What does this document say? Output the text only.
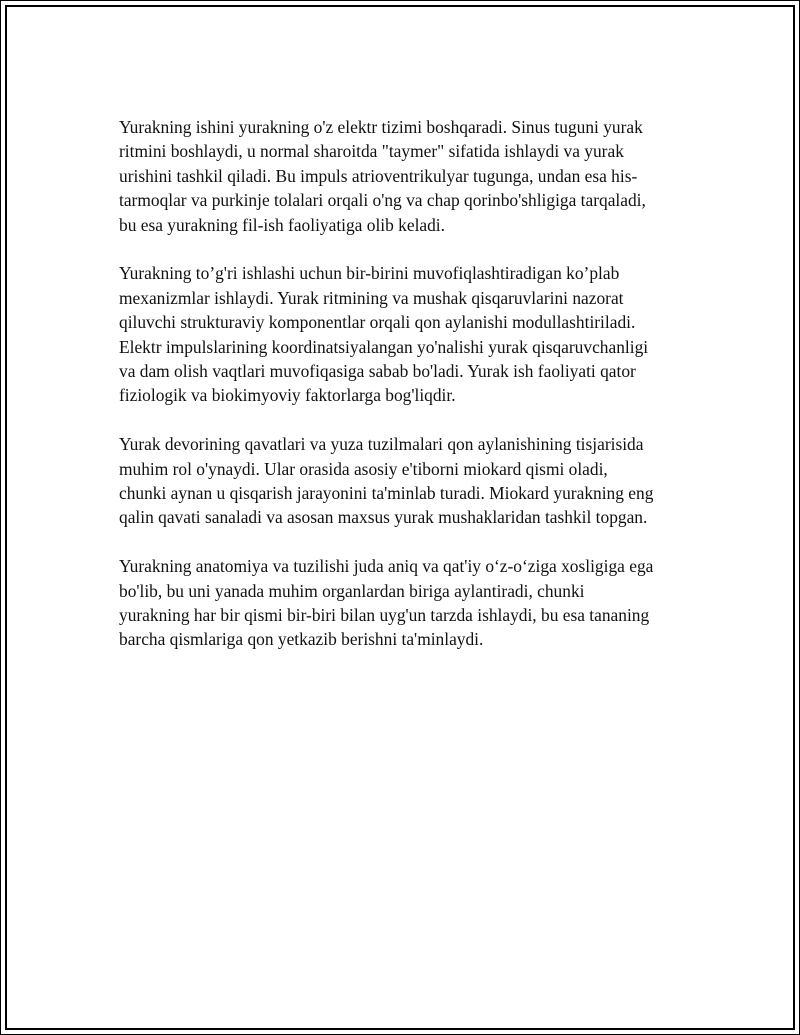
Yurakning ishini yurakning o'z elektr tizimi boshqaradi. Sinus tuguni yurak
ritmini boshlaydi, u normal sharoitda "taymer" sifatida ishlaydi va yurak
urishini tashkil qiladi. Bu impuls atrioventrikulyar tugunga, undan esa his-
tarmoqlar va purkinje tolalari orqali o'ng va chap qorinbo'shligiga tarqaladi,
bu esa yurakning fil-ish faoliyatiga olib keladi.

Yurakning to’g'ri ishlashi uchun bir-birini muvofiqlashtiradigan ko’plab
mexanizmlar ishlaydi. Yurak ritmining va mushak qisqaruvlarini nazorat
qiluvchi strukturaviy komponentlar orqali qon aylanishi modullashtiriladi.
Elektr impulslarining koordinatsiyalangan yo'nalishi yurak qisqaruvchanligi
va dam olish vaqtlari muvofiqasiga sabab bo'ladi. Yurak ish faoliyati qator
fiziologik va biokimyoviy faktorlarga bog'liqdir.

Yurak devorining qavatlari va yuza tuzilmalari qon aylanishining tisjarisida
muhim rol o'ynaydi. Ular orasida asosiy e'tiborni miokard qismi oladi,
chunki aynan u qisqarish jarayonini ta'minlab turadi. Miokard yurakning eng
qalin qavati sanaladi va asosan maxsus yurak mushaklaridan tashkil topgan.

Yurakning anatomiya va tuzilishi juda aniq va qat'iy o‘z-o‘ziga xosligiga ega
bo'lib, bu uni yanada muhim organlardan biriga aylantiradi, chunki
yurakning har bir qismi bir-biri bilan uyg'un tarzda ishlaydi, bu esa tananing
barcha qismlariga qon yetkazib berishni ta'minlaydi.
